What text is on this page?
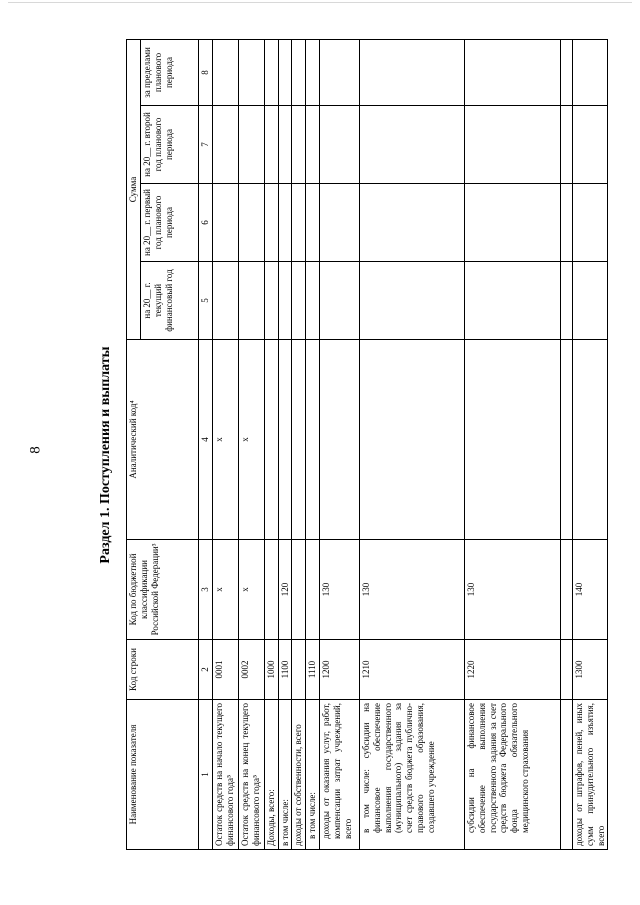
8	Раздел 1. Поступления и выплаты
Наименование показателя	Код строки	Код по бюджетной классификации Российской Федерации³	Аналитический код⁴	Сумма			
				на 20__ г. текущий финансовый год	на 20__ г. первый год планового периода	на 20__ г. второй год планового периода	за пределами планового периода
1	2	3	4	5	6	7	8
Остаток средств на начало текущего финансового года⁵	0001	х	х				
Остаток средств на конец текущего финансового года⁵	0002	х	х				
Доходы, всего:	1000						
в том числе:	1100	120					
доходы от собственности, всего							
в том числе:	1110						
доходы от оказания услуг, работ, компенсации затрат учреждений, всего	1200	130					
в том числе: субсидии на финансовое обеспечение выполнения государственного (муниципального) задания за счет средств бюджета публично-правового образования, создавшего учреждение	1210	130					
субсидии на финансовое обеспечение выполнения государственного задания за счет средств бюджета Федерального фонда обязательного медицинского страхования	1220	130					

доходы от штрафов, пеней, иных сумм принудительного изъятия, всего	1300	140					
